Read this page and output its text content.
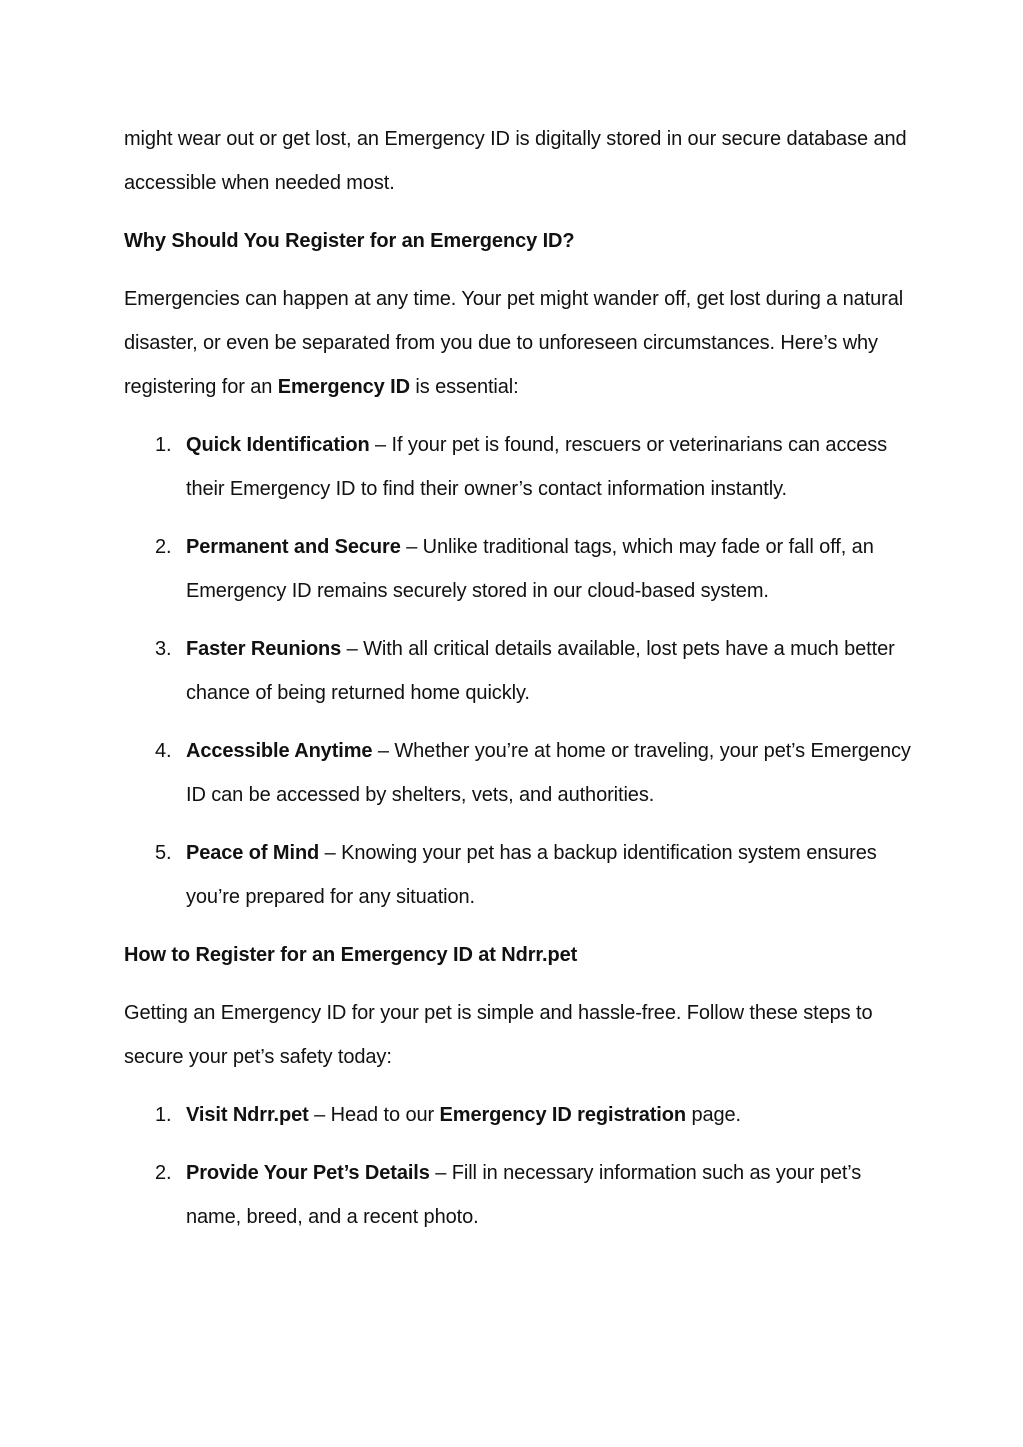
might wear out or get lost, an Emergency ID is digitally stored in our secure database and accessible when needed most.

Why Should You Register for an Emergency ID?

Emergencies can happen at any time. Your pet might wander off, get lost during a natural disaster, or even be separated from you due to unforeseen circumstances. Here’s why registering for an Emergency ID is essential:

1. Quick Identification – If your pet is found, rescuers or veterinarians can access their Emergency ID to find their owner’s contact information instantly.
2. Permanent and Secure – Unlike traditional tags, which may fade or fall off, an Emergency ID remains securely stored in our cloud-based system.
3. Faster Reunions – With all critical details available, lost pets have a much better chance of being returned home quickly.
4. Accessible Anytime – Whether you’re at home or traveling, your pet’s Emergency ID can be accessed by shelters, vets, and authorities.
5. Peace of Mind – Knowing your pet has a backup identification system ensures you’re prepared for any situation.

How to Register for an Emergency ID at Ndrr.pet

Getting an Emergency ID for your pet is simple and hassle-free. Follow these steps to secure your pet’s safety today:

1. Visit Ndrr.pet – Head to our Emergency ID registration page.
2. Provide Your Pet’s Details – Fill in necessary information such as your pet’s name, breed, and a recent photo.
